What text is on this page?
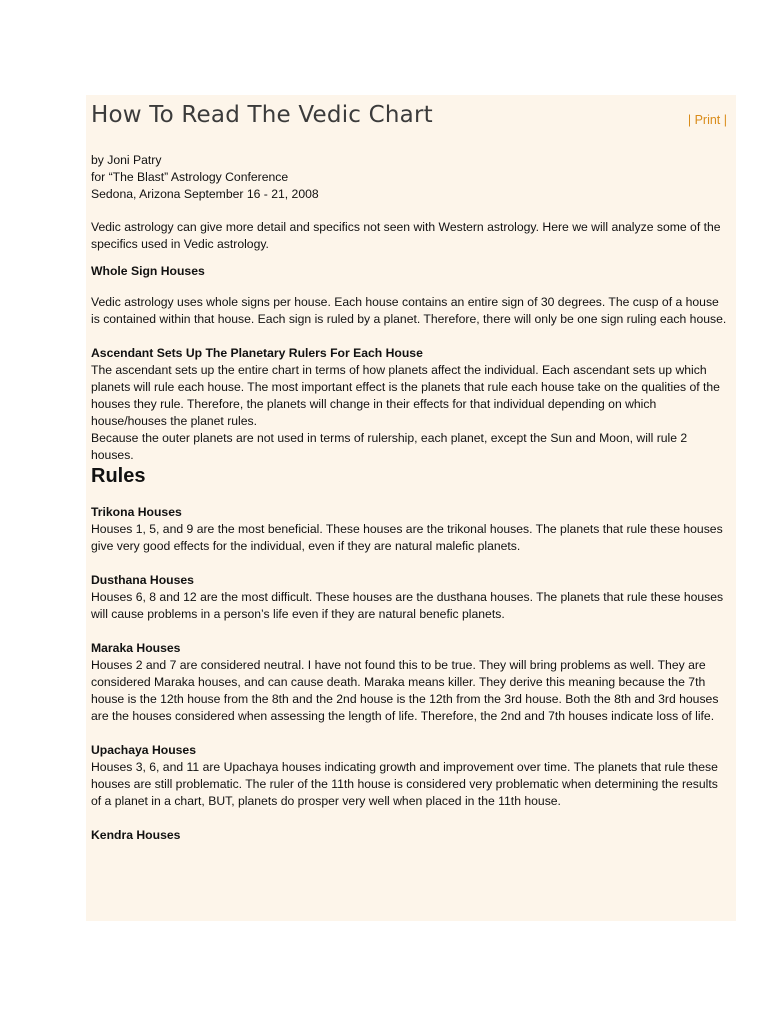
How To Read The Vedic Chart	| Print |
by Joni Patry
for “The Blast” Astrology Conference
Sedona, Arizona September 16 - 21, 2008

Vedic astrology can give more detail and specifics not seen with Western astrology. Here we will analyze some of the specifics used in Vedic astrology.

Whole Sign Houses

Vedic astrology uses whole signs per house. Each house contains an entire sign of 30 degrees. The cusp of a house is contained within that house. Each sign is ruled by a planet. Therefore, there will only be one sign ruling each house.

Ascendant Sets Up The Planetary Rulers For Each House

The ascendant sets up the entire chart in terms of how planets affect the individual. Each ascendant sets up which planets will rule each house. The most important effect is the planets that rule each house take on the qualities of the houses they rule. Therefore, the planets will change in their effects for that individual depending on which house/houses the planet rules.

Because the outer planets are not used in terms of rulership, each planet, except the Sun and Moon, will rule 2 houses.

Rules
Trikona Houses

Houses 1, 5, and 9 are the most beneficial. These houses are the trikonal houses. The planets that rule these houses give very good effects for the individual, even if they are natural malefic planets.

Dusthana Houses

Houses 6, 8 and 12 are the most difficult. These houses are the dusthana houses. The planets that rule these houses will cause problems in a person’s life even if they are natural benefic planets.

Maraka Houses

Houses 2 and 7 are considered neutral. I have not found this to be true. They will bring problems as well. They are considered Maraka houses, and can cause death. Maraka means killer. They derive this meaning because the 7th house is the 12th house from the 8th and the 2nd house is the 12th from the 3rd house. Both the 8th and 3rd houses are the houses considered when assessing the length of life. Therefore, the 2nd and 7th houses indicate loss of life.

Upachaya Houses

Houses 3, 6, and 11 are Upachaya houses indicating growth and improvement over time. The planets that rule these houses are still problematic. The ruler of the 11th house is considered very problematic when determining the results of a planet in a chart, BUT, planets do prosper very well when placed in the 11th house.

Kendra Houses
